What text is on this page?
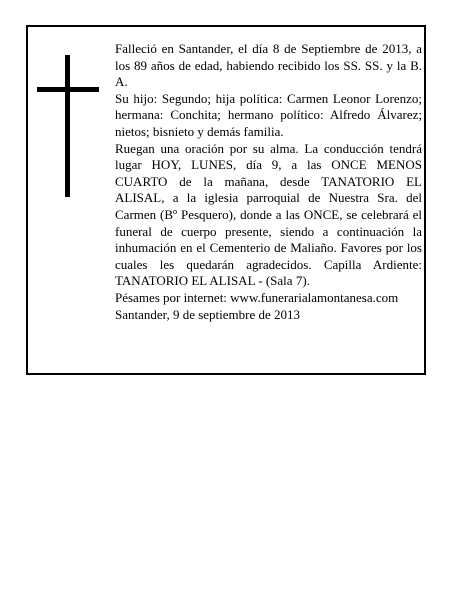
Falleció en Santander, el día 8 de Septiembre de 2013, a los 89 años de edad, habiendo recibido los SS. SS. y la B. A.

Su hijo: Segundo; hija política: Carmen Leonor Lorenzo; hermana: Conchita; hermano político: Alfredo Álvarez; nietos; bisnieto y demás familia.

Ruegan una oración por su alma. La conducción tendrá lugar HOY, LUNES, día 9, a las ONCE MENOS CUARTO de la mañana, desde TANATORIO EL ALISAL, a la iglesia parroquial de Nuestra Sra. del Carmen (Bº Pesquero), donde a las ONCE, se celebrará el funeral de cuerpo presente, siendo a continuación la inhumación en el Cementerio de Maliaño. Favores por los cuales les quedarán agradecidos. Capilla Ardiente: TANATORIO EL ALISAL - (Sala 7).

Pésames por internet: www.funerarialamontanesa.com

Santander, 9 de septiembre de 2013
